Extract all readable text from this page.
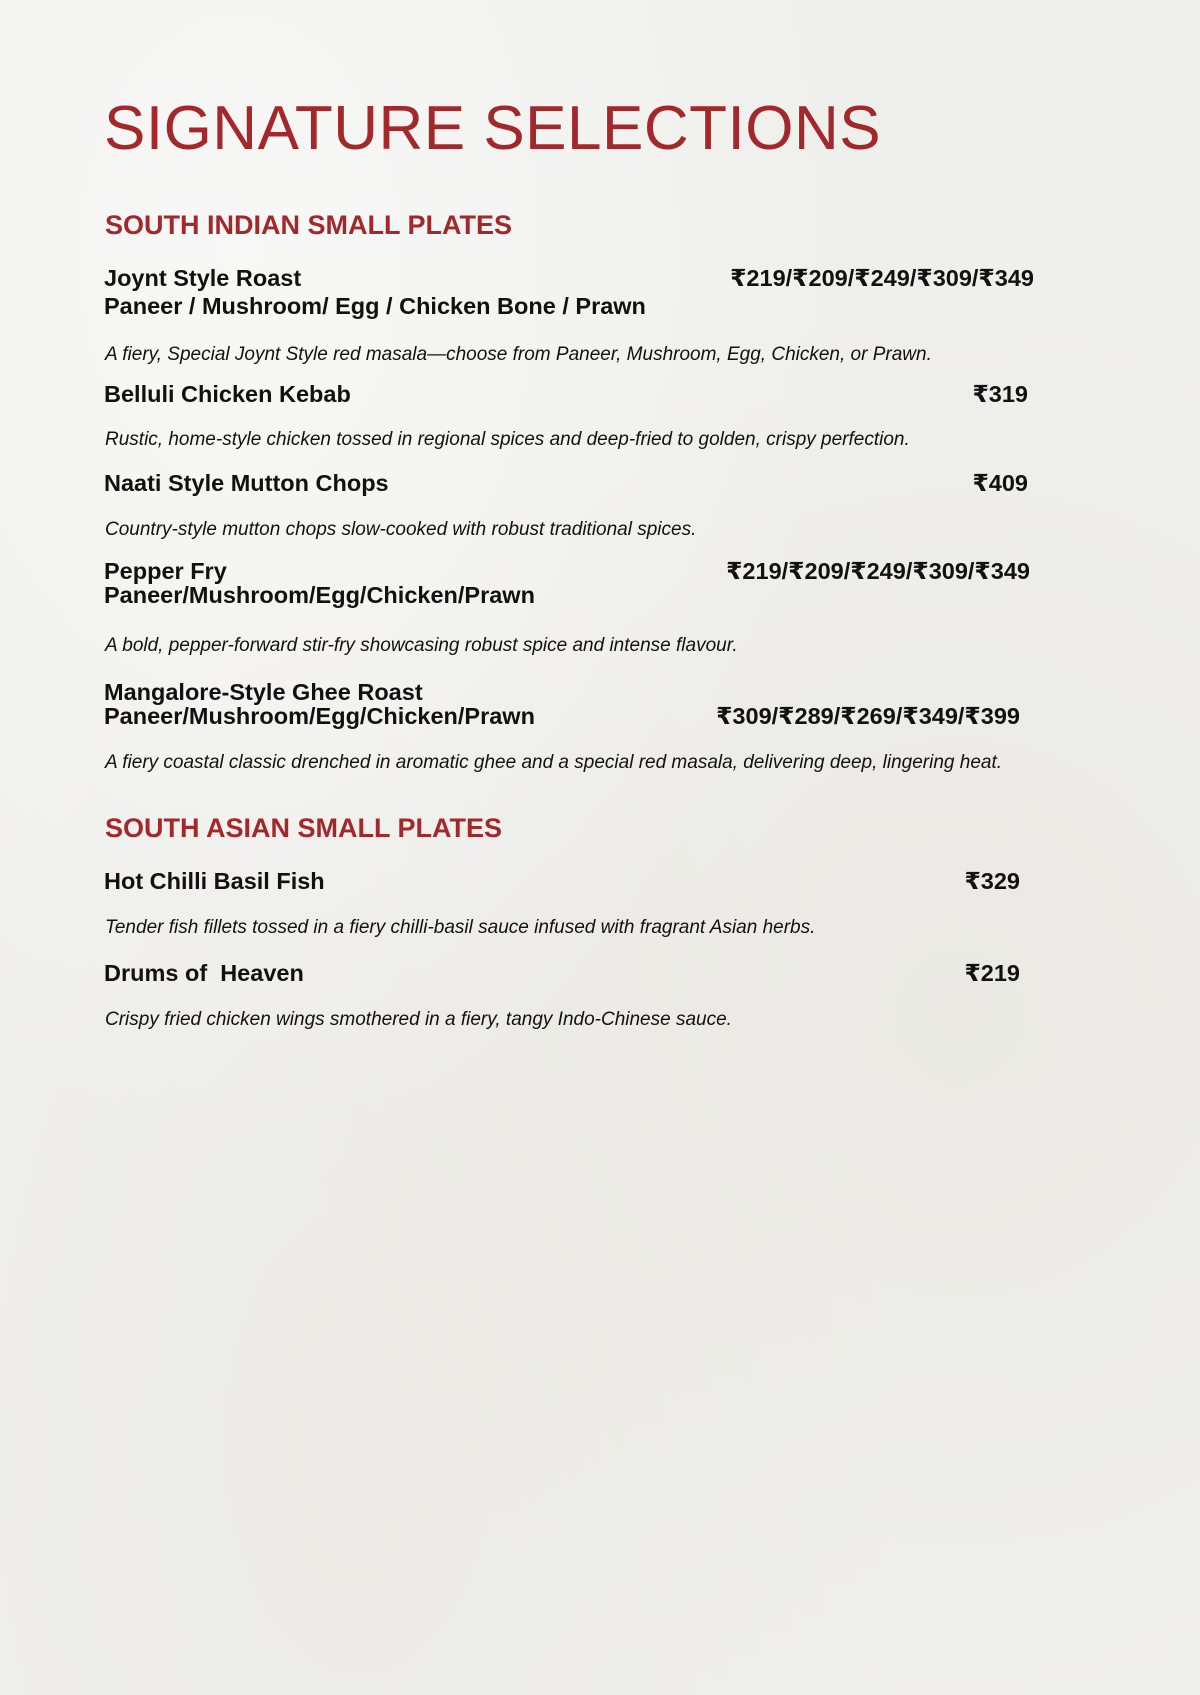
SIGNATURE SELECTIONS
SOUTH INDIAN SMALL PLATES
Joynt Style Roast	₹219/₹209/₹249/₹309/₹349
Paneer / Mushroom/ Egg / Chicken Bone / Prawn
A fiery, Special Joynt Style red masala—choose from Paneer, Mushroom, Egg, Chicken, or Prawn.
Belluli Chicken Kebab	₹319
Rustic, home-style chicken tossed in regional spices and deep-fried to golden, crispy perfection.
Naati Style Mutton Chops	₹409
Country-style mutton chops slow-cooked with robust traditional spices.
Pepper Fry	₹219/₹209/₹249/₹309/₹349
Paneer/Mushroom/Egg/Chicken/Prawn
A bold, pepper-forward stir-fry showcasing robust spice and intense flavour.
Mangalore-Style Ghee Roast
Paneer/Mushroom/Egg/Chicken/Prawn	₹309/₹289/₹269/₹349/₹399
A fiery coastal classic drenched in aromatic ghee and a special red masala, delivering deep, lingering heat.
SOUTH ASIAN SMALL PLATES
Hot Chilli Basil Fish	₹329
Tender fish fillets tossed in a fiery chilli-basil sauce infused with fragrant Asian herbs.
Drums of  Heaven	₹219
Crispy fried chicken wings smothered in a fiery, tangy Indo-Chinese sauce.
